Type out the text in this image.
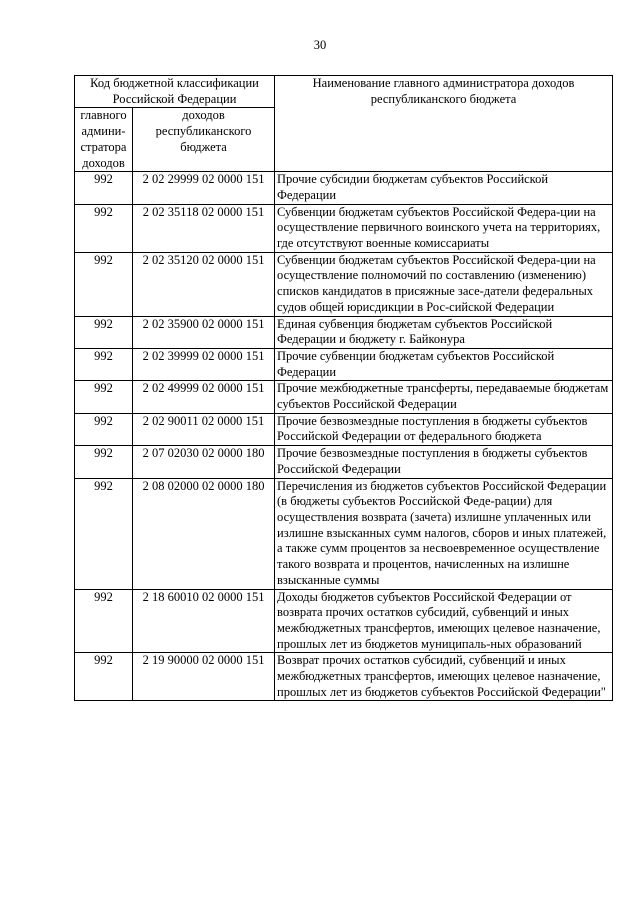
30
Код бюджетной классификации Российской Федерации		Наименование главного администратора доходов республиканского бюджета
главного админи-стратора доходов	доходов республиканского бюджета	
992	2 02 29999 02 0000 151	Прочие субсидии бюджетам субъектов Российской Федерации
992	2 02 35118 02 0000 151	Субвенции бюджетам субъектов Российской Федера-ции на осуществление первичного воинского учета на территориях, где отсутствуют военные комиссариаты
992	2 02 35120 02 0000 151	Субвенции бюджетам субъектов Российской Федера-ции на осуществление полномочий по составлению (изменению) списков кандидатов в присяжные засе-датели федеральных судов общей юрисдикции в Рос-сийской Федерации
992	2 02 35900 02 0000 151	Единая субвенция бюджетам субъектов Российской Федерации и бюджету г. Байконура
992	2 02 39999 02 0000 151	Прочие субвенции бюджетам субъектов Российской Федерации
992	2 02 49999 02 0000 151	Прочие межбюджетные трансферты, передаваемые бюджетам субъектов Российской Федерации
992	2 02 90011 02 0000 151	Прочие безвозмездные поступления в бюджеты субъектов Российской Федерации от федерального бюджета
992	2 07 02030 02 0000 180	Прочие безвозмездные поступления в бюджеты субъектов Российской Федерации
992	2 08 02000 02 0000 180	Перечисления из бюджетов субъектов Российской Федерации (в бюджеты субъектов Российской Феде-рации) для осуществления возврата (зачета) излишне уплаченных или излишне взысканных сумм налогов, сборов и иных платежей, а также сумм процентов за несвоевременное осуществление такого возврата и процентов, начисленных на излишне взысканные суммы
992	2 18 60010 02 0000 151	Доходы бюджетов субъектов Российской Федерации от возврата прочих остатков субсидий, субвенций и иных межбюджетных трансфертов, имеющих целевое назначение, прошлых лет из бюджетов муниципаль-ных образований
992	2 19 90000 02 0000 151	Возврат прочих остатков субсидий, субвенций и иных межбюджетных трансфертов, имеющих целевое назначение, прошлых лет из бюджетов субъектов Российской Федерации"
